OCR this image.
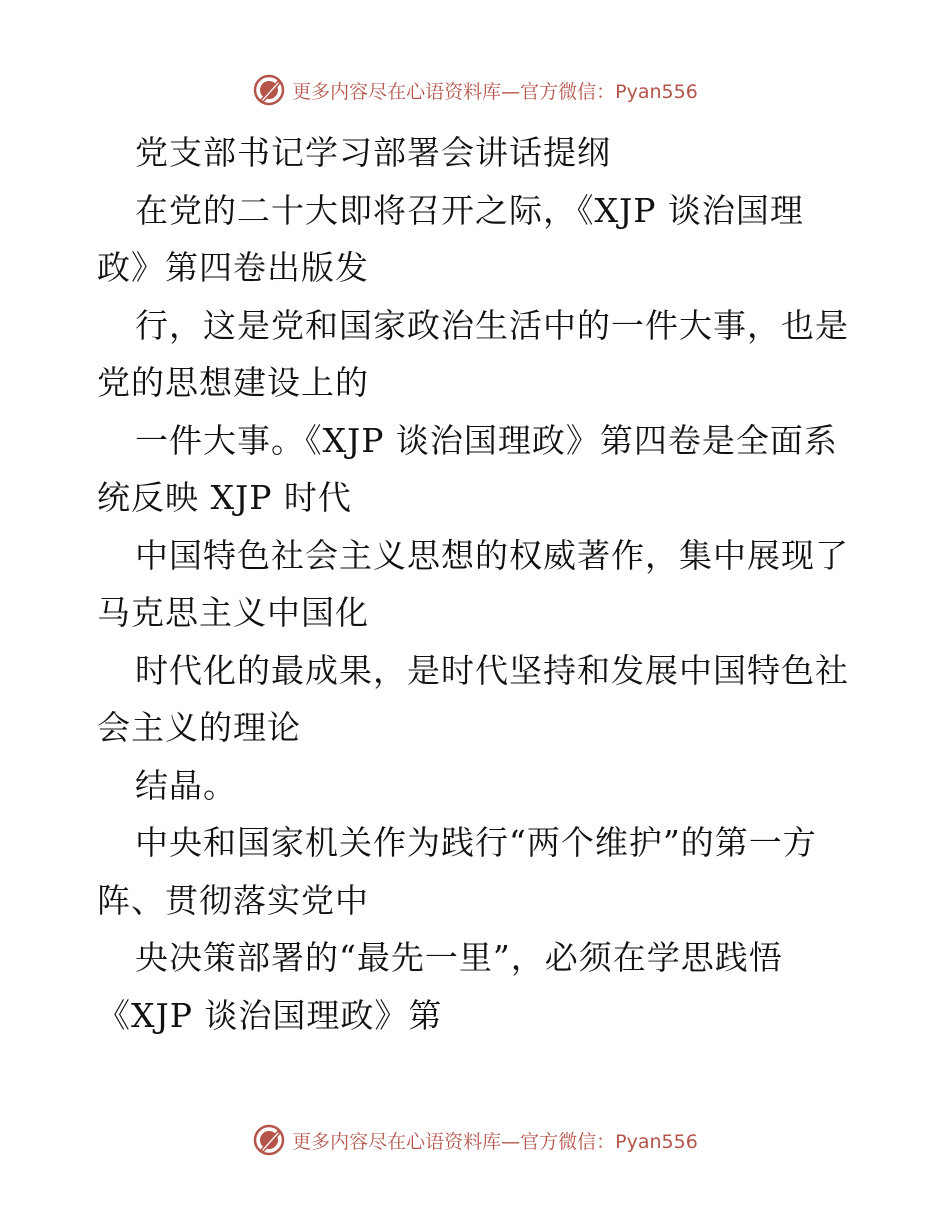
更多内容尽在心语资料库—官方微信：Pyan556
党支部书记学习部署会讲话提纲
在党的二十大即将召开之际，《XJP 谈治国理
政》第四卷出版发
行，这是党和国家政治生活中的一件大事，也是
党的思想建设上的
一件大事。《XJP 谈治国理政》第四卷是全面系
统反映 XJP 时代
中国特色社会主义思想的权威著作，集中展现了
马克思主义中国化
时代化的最成果，是时代坚持和发展中国特色社
会主义的理论
结晶。
中央和国家机关作为践行“两个维护”的第一方
阵、贯彻落实党中
央决策部署的“最先一里”，必须在学思践悟
《XJP 谈治国理政》第
更多内容尽在心语资料库—官方微信：Pyan556
